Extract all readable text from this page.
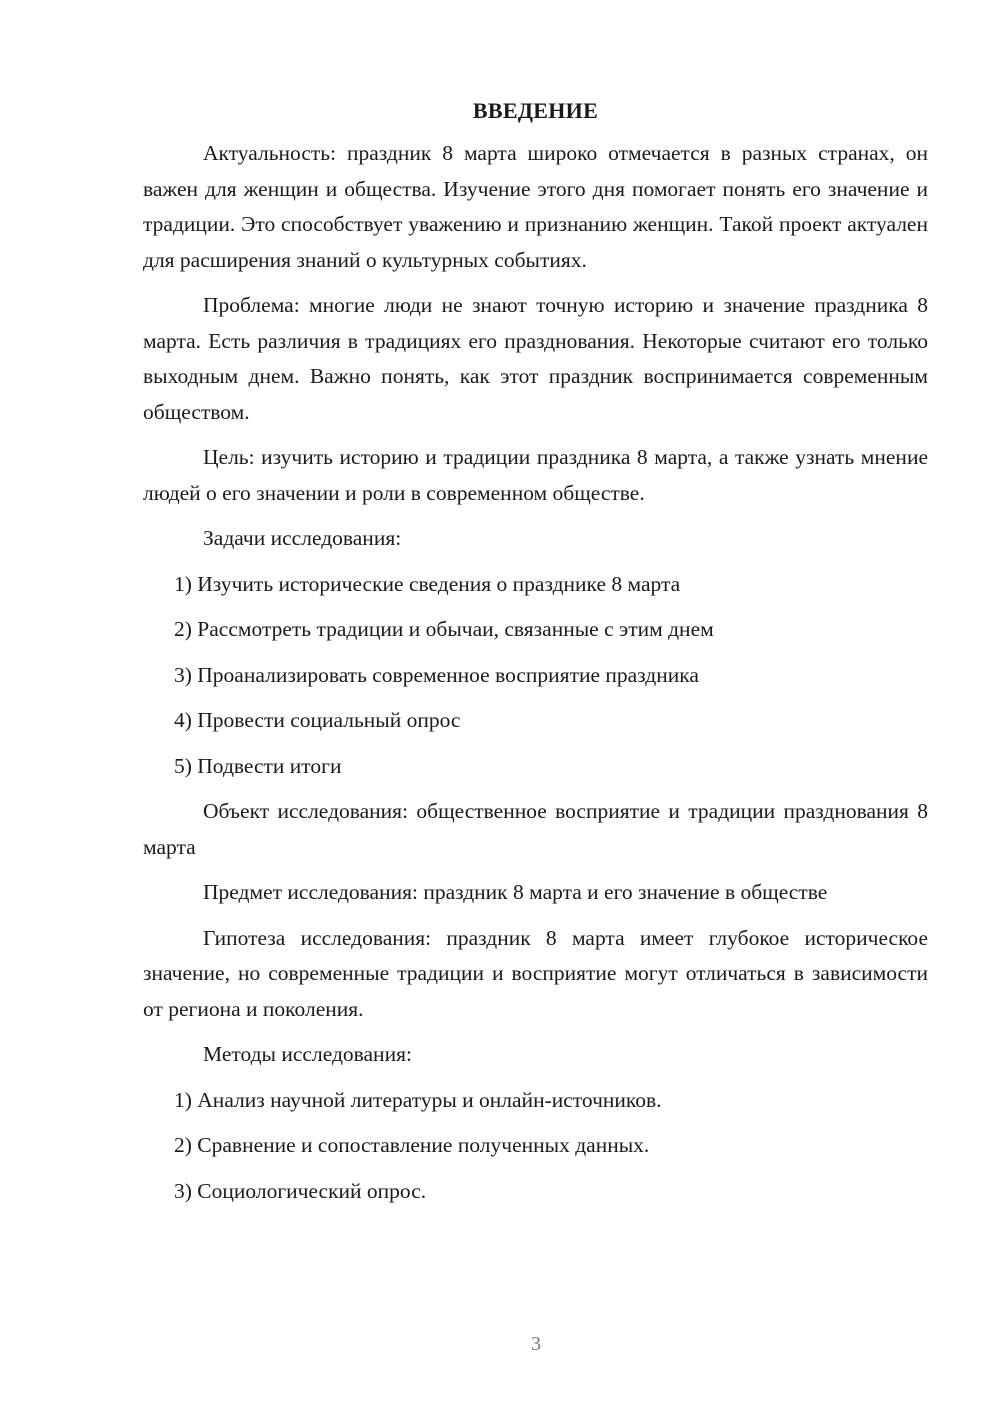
ВВЕДЕНИЕ

Актуальность: праздник 8 марта широко отмечается в разных странах, он важен для женщин и общества. Изучение этого дня помогает понять его значение и традиции. Это способствует уважению и признанию женщин. Такой проект актуален для расширения знаний о культурных событиях.

Проблема: многие люди не знают точную историю и значение праздника 8 марта. Есть различия в традициях его празднования. Некоторые считают его только выходным днем. Важно понять, как этот праздник воспринимается современным обществом.

Цель: изучить историю и традиции праздника 8 марта, а также узнать мнение людей о его значении и роли в современном обществе.

Задачи исследования:

1) Изучить исторические сведения о празднике 8 марта
2) Рассмотреть традиции и обычаи, связанные с этим днем
3) Проанализировать современное восприятие праздника
4) Провести социальный опрос
5) Подвести итоги

Объект исследования: общественное восприятие и традиции празднования 8 марта

Предмет исследования: праздник 8 марта и его значение в обществе

Гипотеза исследования: праздник 8 марта имеет глубокое историческое значение, но современные традиции и восприятие могут отличаться в зависимости от региона и поколения.

Методы исследования:

1) Анализ научной литературы и онлайн-источников.
2) Сравнение и сопоставление полученных данных.
3) Социологический опрос.
3
